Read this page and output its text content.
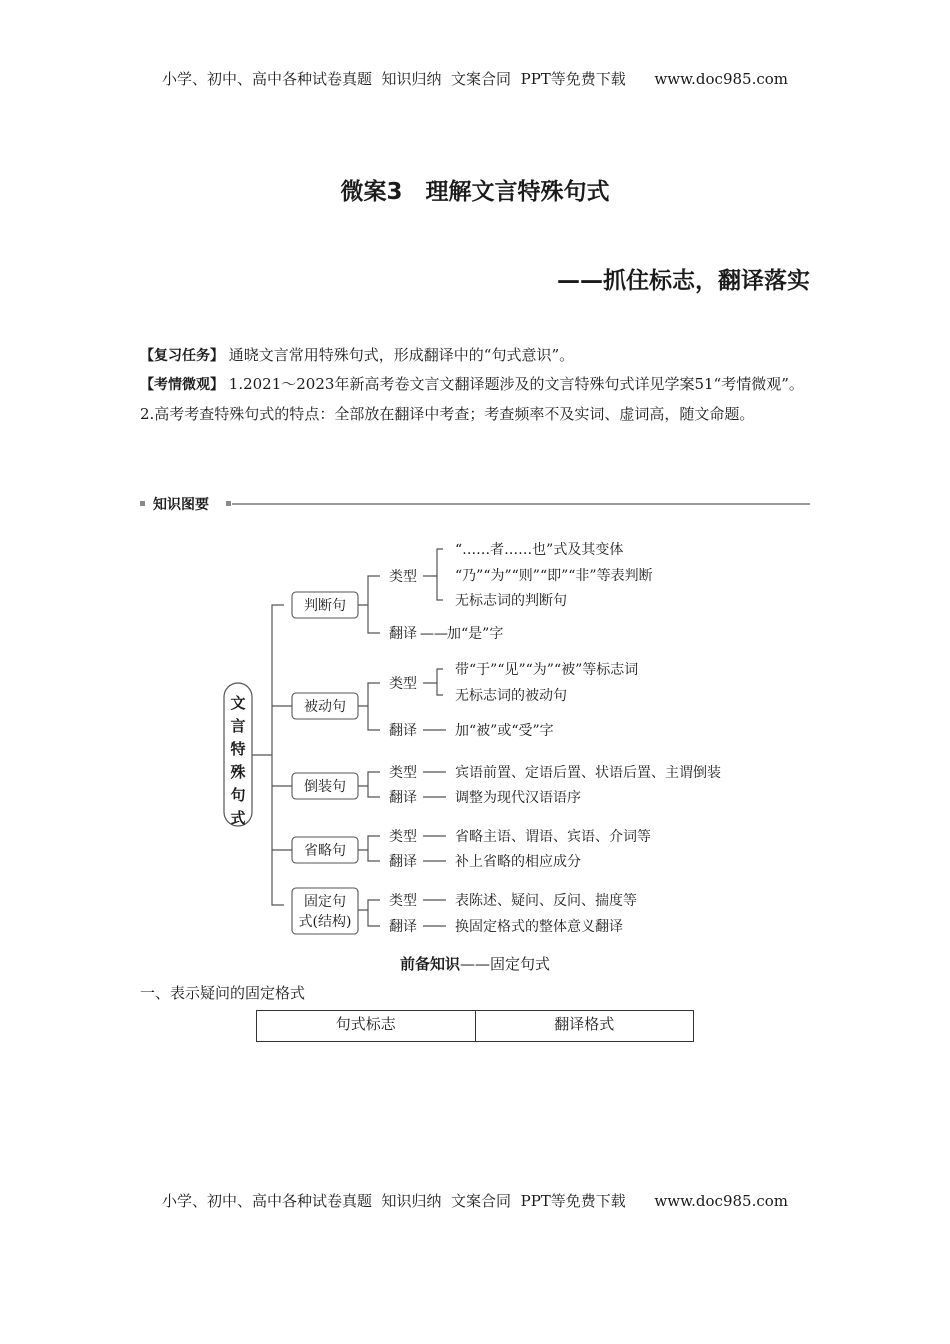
小学、初中、高中各种试卷真题  知识归纳  文案合同  PPT等免费下载 www.doc985.com
微案3　理解文言特殊句式
——抓住标志，翻译落实
【复习任务】 通晓文言常用特殊句式，形成翻译中的“句式意识”。
【考情微观】 1.2021～2023年新高考卷文言文翻译题涉及的文言特殊句式详见学案51“考情微观”。2.高考考查特殊句式的特点：全部放在翻译中考查；考查频率不及实词、虚词高，随文命题。
知识图要
文
言
特
殊
句
式
判断句
被动句
倒装句
省略句
固定句
式(结构)
类型
翻译
类型
翻译
类型
翻译
类型
翻译
类型
翻译
“……者……也”式及其变体
“乃”“为”“则”“即”“非”等表判断
无标志词的判断句
—— 加“是”字
带“于”“见”“为”“被”等标志词
无标志词的被动句
加“被”或“受”字
宾语前置、定语后置、状语后置、主谓倒装
调整为现代汉语语序
省略主语、谓语、宾语、介词等
补上省略的相应成分
表陈述、疑问、反问、揣度等
换固定格式的整体意义翻译
前备知识——固定句式
一、表示疑问的固定格式
句式标志	翻译格式
小学、初中、高中各种试卷真题  知识归纳  文案合同  PPT等免费下载 www.doc985.com
